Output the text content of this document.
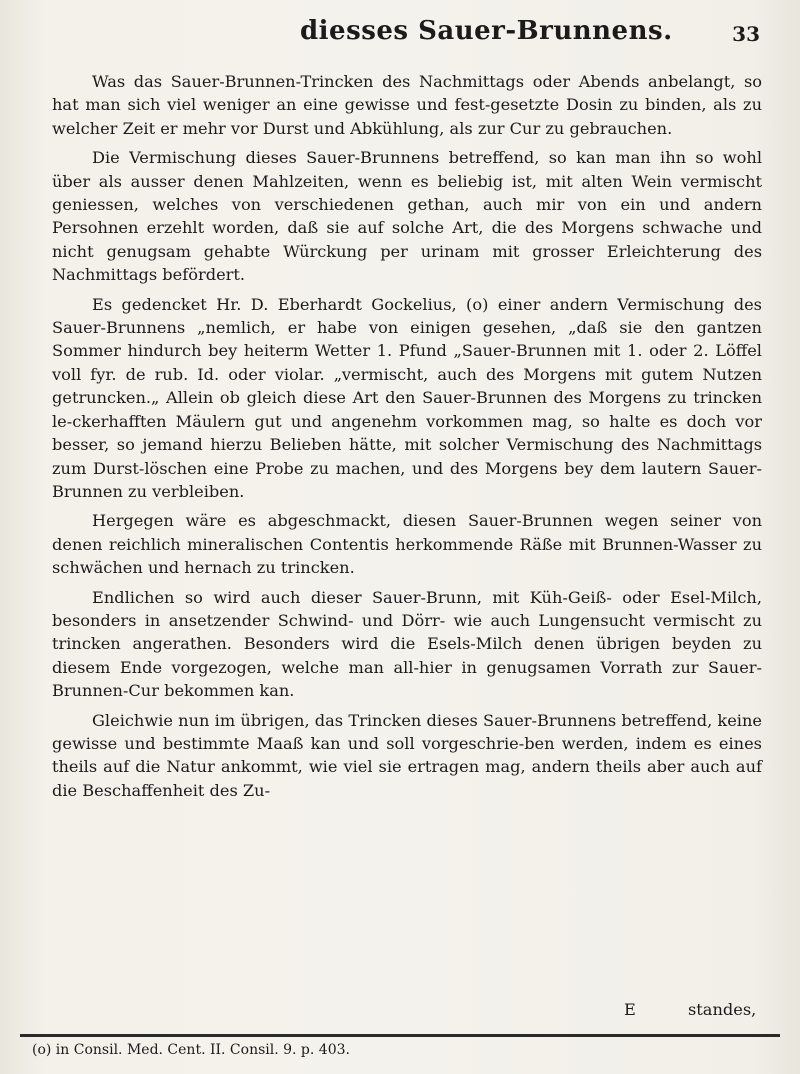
diesses Sauer-Brunnens.	33

Was das Sauer-Brunnen-Trincken des Nachmittags oder Abends anbelangt, so hat man sich viel weniger an eine gewisse und fest-gesetzte Dosin zu binden, als zu welcher Zeit er mehr vor Durst und Abkühlung, als zur Cur zu gebrauchen.

Die Vermischung dieses Sauer-Brunnens betreffend, so kan man ihn so wohl über als ausser denen Mahlzeiten, wenn es beliebig ist, mit alten Wein vermischt geniessen, welches von verschiedenen gethan, auch mir von ein und andern Persohnen erzehlt worden, daß sie auf solche Art, die des Morgens schwache und nicht genugsam gehabte Würckung per urinam mit grosser Erleichterung des Nachmittags befördert.

Es gedencket Hr. D. Eberhardt Gockelius, (o) einer andern Vermischung des Sauer-Brunnens „nemlich, er habe von einigen gesehen, „daß sie den gantzen Sommer hindurch bey heiterm Wetter 1. Pfund „Sauer-Brunnen mit 1. oder 2. Löffel voll fyr. de rub. Id. oder violar. „vermischt, auch des Morgens mit gutem Nutzen getruncken.„ Allein ob gleich diese Art den Sauer-Brunnen des Morgens zu trincken le-ckerhafften Mäulern gut und angenehm vorkommen mag, so halte es doch vor besser, so jemand hierzu Belieben hätte, mit solcher Vermischung des Nachmittags zum Durst-löschen eine Probe zu machen, und des Morgens bey dem lautern Sauer-Brunnen zu verbleiben.

Hergegen wäre es abgeschmackt, diesen Sauer-Brunnen wegen seiner von denen reichlich mineralischen Contentis herkommende Räße mit Brunnen-Wasser zu schwächen und hernach zu trincken.

Endlichen so wird auch dieser Sauer-Brunn, mit Küh-Geiß- oder Esel-Milch, besonders in ansetzender Schwind- und Dörr- wie auch Lungensucht vermischt zu trincken angerathen. Besonders wird die Esels-Milch denen übrigen beyden zu diesem Ende vorgezogen, welche man all-hier in genugsamen Vorrath zur Sauer-Brunnen-Cur bekommen kan.

Gleichwie nun im übrigen, das Trincken dieses Sauer-Brunnens betreffend, keine gewisse und bestimmte Maaß kan und soll vorgeschrie-ben werden, indem es eines theils auf die Natur ankommt, wie viel sie ertragen mag, andern theils aber auch auf die Beschaffenheit des Zu-

E	standes,
(o) in Consil. Med. Cent. II. Consil. 9. p. 403.
